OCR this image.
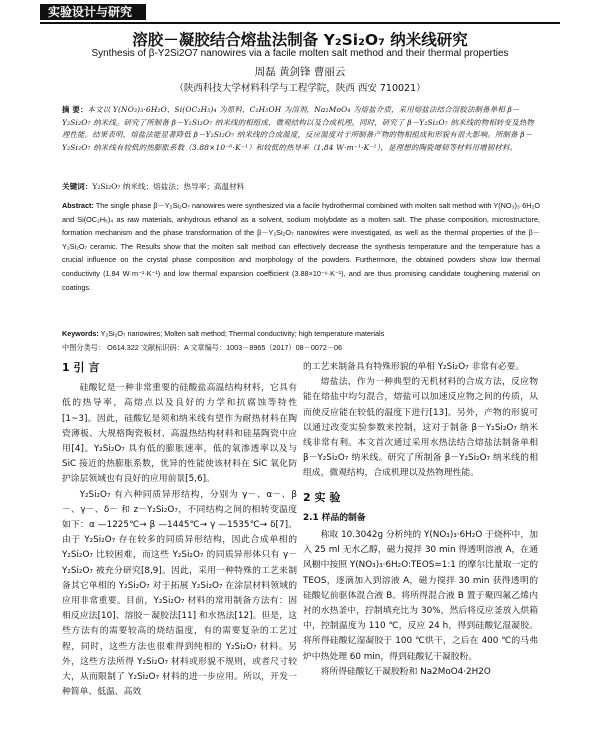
实验设计与研究
溶胶－凝胶结合熔盐法制备 Y₂Si₂O₇ 纳米线研究
Synthesis of β-Y2Si2O7 nanowires via a facile molten salt method and their thermal properties
周磊 黄剑锋 曹丽云
（陕西科技大学材料科学与工程学院，陕西 西安 710021）
摘 要：本文以 Y(NO₃)₃·6H₂O、Si(OC₂H₅)₄ 为原料，C₂H₅OH 为溶剂，Na₂MoO₄ 为熔盐介质，采用熔盐法结合溶胶法制备单相 β－Y₂Si₂O₇ 纳米线。研究了所制备 β－Y₂Si₂O₇ 纳米线的相组成、微观结构以及合成机理。同时，研究了 β－Y₂Si₂O₇ 纳米线的物相转变及热物理性能。结果表明，熔盐法能显著降低 β－Y₂Si₂O₇ 纳米线的合成温度，反应温度对于所制备产物的物相组成和形貌有很大影响。所制备 β－Y₂Si₂O₇ 纳米线有较低的热膨胀系数（3.88×10⁻⁶·K⁻¹）和较低的热导率（1.84 W·m⁻¹·K⁻¹），是理想的陶瓷增韧等材料用增韧材料。
关键词：Y₂Si₂O₇ 纳米线；熔盐法；热导率；高温材料
Abstract: The single phase β－Y₂Si₂O₇ nanowires were synthesized via a facile hydrothermal combined with molten salt method with Y(NO₃)₃·6H₂O and Si(OC₂H₅)₄ as raw materials, anhydrous ethanol as a solvent, sodium molybdate as a molten salt. The phase composition, microstructure, formation mechanism and the phase transformation of the β－Y₂Si₂O₇ nanowires were investigated, as well as the thermal properties of the β－Y₂Si₂O₇ ceramic. The Results show that the molten salt method can effectively decrease the synthesis temperature and the temperature has a crucial influence on the crystal phase composition and morphology of the powders. Furthermore, the obtained powders show low thermal conductivity (1.84 W·m⁻¹·K⁻¹) and low thermal expansion coefficient (3.88×10⁻⁶·K⁻¹), and are thus promising candidate toughening material on coatings.
Keywords: Y₂Si₂O₇ nanowires; Molten salt method; Thermal conductivity; high temperature materials
中图分类号： O614.322 文献标识码：A 文章编号：1003－8965（2017）08－0072－06
1 引 言

硅酸钇是一种非常重要的硅酸盐高温结构材料，它具有低的热导率，高熔点以及良好的力学和抗腐蚀等特性[1~3]。因此，硅酸钇是须和纳米线有望作为耐热材料在陶瓷薄板、大规格陶瓷板材、高温热结构材料和硅基陶瓷中应用[4]。Y₂Si₂O₇ 具有低的膨胀速率，低的氧渗透率以及与 SiC 接近的热膨胀系数，优异的性能使该材料在 SiC 氧化防护涂层领域也有良好的应用前景[5,6]。

Y₂Si₂O₇ 有六种同质异形结构，分别为 γ－、α－、β－、γ－、δ－ 和 z－Y₂Si₂O₇，不同结构之间的相转变温度如下：α —1225℃→ β —1445℃→ γ —1535℃→ δ[7]。由于 Y₂Si₂O₇ 存在较多的同质异形结构，因此合成单相的 Y₂Si₂O₇ 比较困难，而这些 Y₂Si₂O₇ 的同质异形体只有 γ－Y₂Si₂O₇ 被充分研究[8,9]。因此，采用一种特殊的工艺来制备其它单相的 Y₂Si₂O₇ 对于拓展 Y₂Si₂O₇ 在涂层材料领域的应用非常重要。目前，Y₂Si₂O₇ 材料的常用制备方法有：固相反应法[10]、溶胶－凝胶法[11] 和水热法[12]。但是，这些方法有的需要较高的烧结温度，有的需要复杂的工艺过程，同时，这些方法也很难得到纯相的 Y₂Si₂O₇ 材料。另外，这些方法所得 Y₂Si₂O₇ 材料或形貌不规则，或者尺寸较大，从而限制了 Y₂Si₂O₇ 材料的进一步应用。所以，开发一种简单、低温、高效

的工艺来制备具有特殊形貌的单相 Y₂Si₂O₇ 非常有必要。

熔盐法，作为一种典型的无机材料的合成方法，反应物能在熔盐中均匀混合，熔盐可以加速反应物之间的传质，从而使反应能在较低的温度下进行[13]。另外，产物的形貌可以通过改变实验参数来控制，这对于制备 β－Y₂Si₂O₇ 纳米线非常有利。本文首次通过采用水热法结合熔盐法制备单相 β－Y₂Si₂O₇ 纳米线。研究了所制备 β－Y₂Si₂O₇ 纳米线的相组成，微观结构，合成机理以及热物理性能。

2 实 验
2.1 样品的制备

称取 10.3042g 分析纯的 Y(NO₃)₃·6H₂O 于烧杯中，加入 25 ml 无水乙醇，磁力搅拌 30 min 得透明溶液 A，在通风橱中按照 Y(NO₃)₃·6H₂O:TEOS=1:1 的摩尔比量取一定的 TEOS，逐滴加入到溶液 A，磁力搅拌 30 min 获得透明的硅酸钇前驱体混合液 B。将所得混合液 B 置于聚四氟乙烯内衬的水热釜中，拧制填充比为 30%，然后将反应釜放入烘箱中，控制温度为 110 ℃，反应 24 h，得到硅酸钇湿凝胶。将所得硅酸钇湿凝胶于 100 ℃烘干，之后在 400 ℃的马弗炉中热处理 60 min，得到硅酸钇干凝胶粉。

将所得硅酸钇干凝胶粉和 Na2MoO4·2H2O
